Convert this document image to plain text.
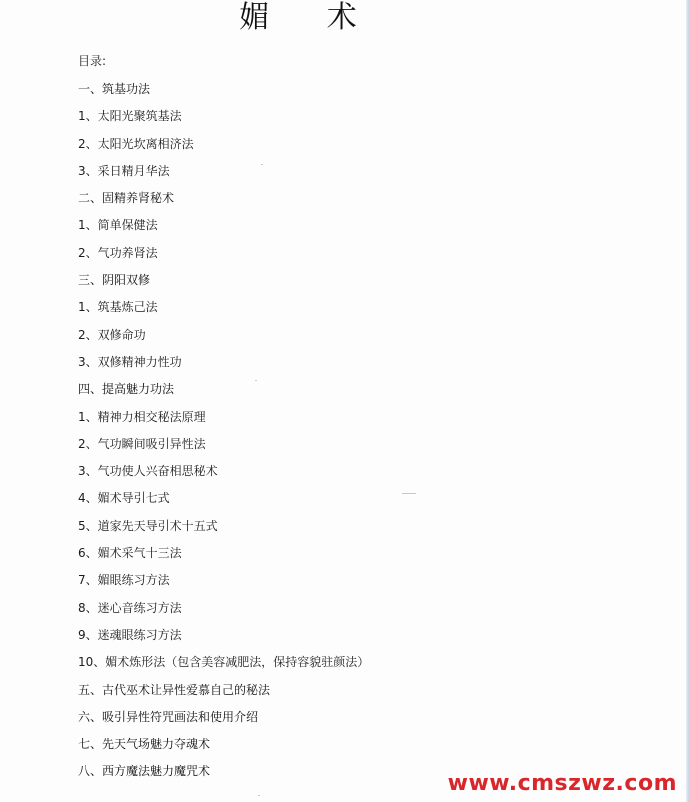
媚 术
目录:
一、筑基功法
1、太阳光聚筑基法
2、太阳光坎离相济法
3、采日精月华法
二、固精养肾秘术
1、简单保健法
2、气功养肾法
三、阴阳双修
1、筑基炼己法
2、双修命功
3、双修精神力性功
四、提高魅力功法
1、精神力相交秘法原理
2、气功瞬间吸引异性法
3、气功使人兴奋相思秘术
4、媚术导引七式
5、道家先天导引术十五式
6、媚术采气十三法
7、媚眼练习方法
8、迷心音练习方法
9、迷魂眼练习方法
10、媚术炼形法（包含美容减肥法，保持容貌驻颜法）
五、古代巫术让异性爱慕自己的秘法
六、吸引异性符咒画法和使用介绍
七、先天气场魅力夺魂术
八、西方魔法魅力魔咒术	www.cmszwz.com
